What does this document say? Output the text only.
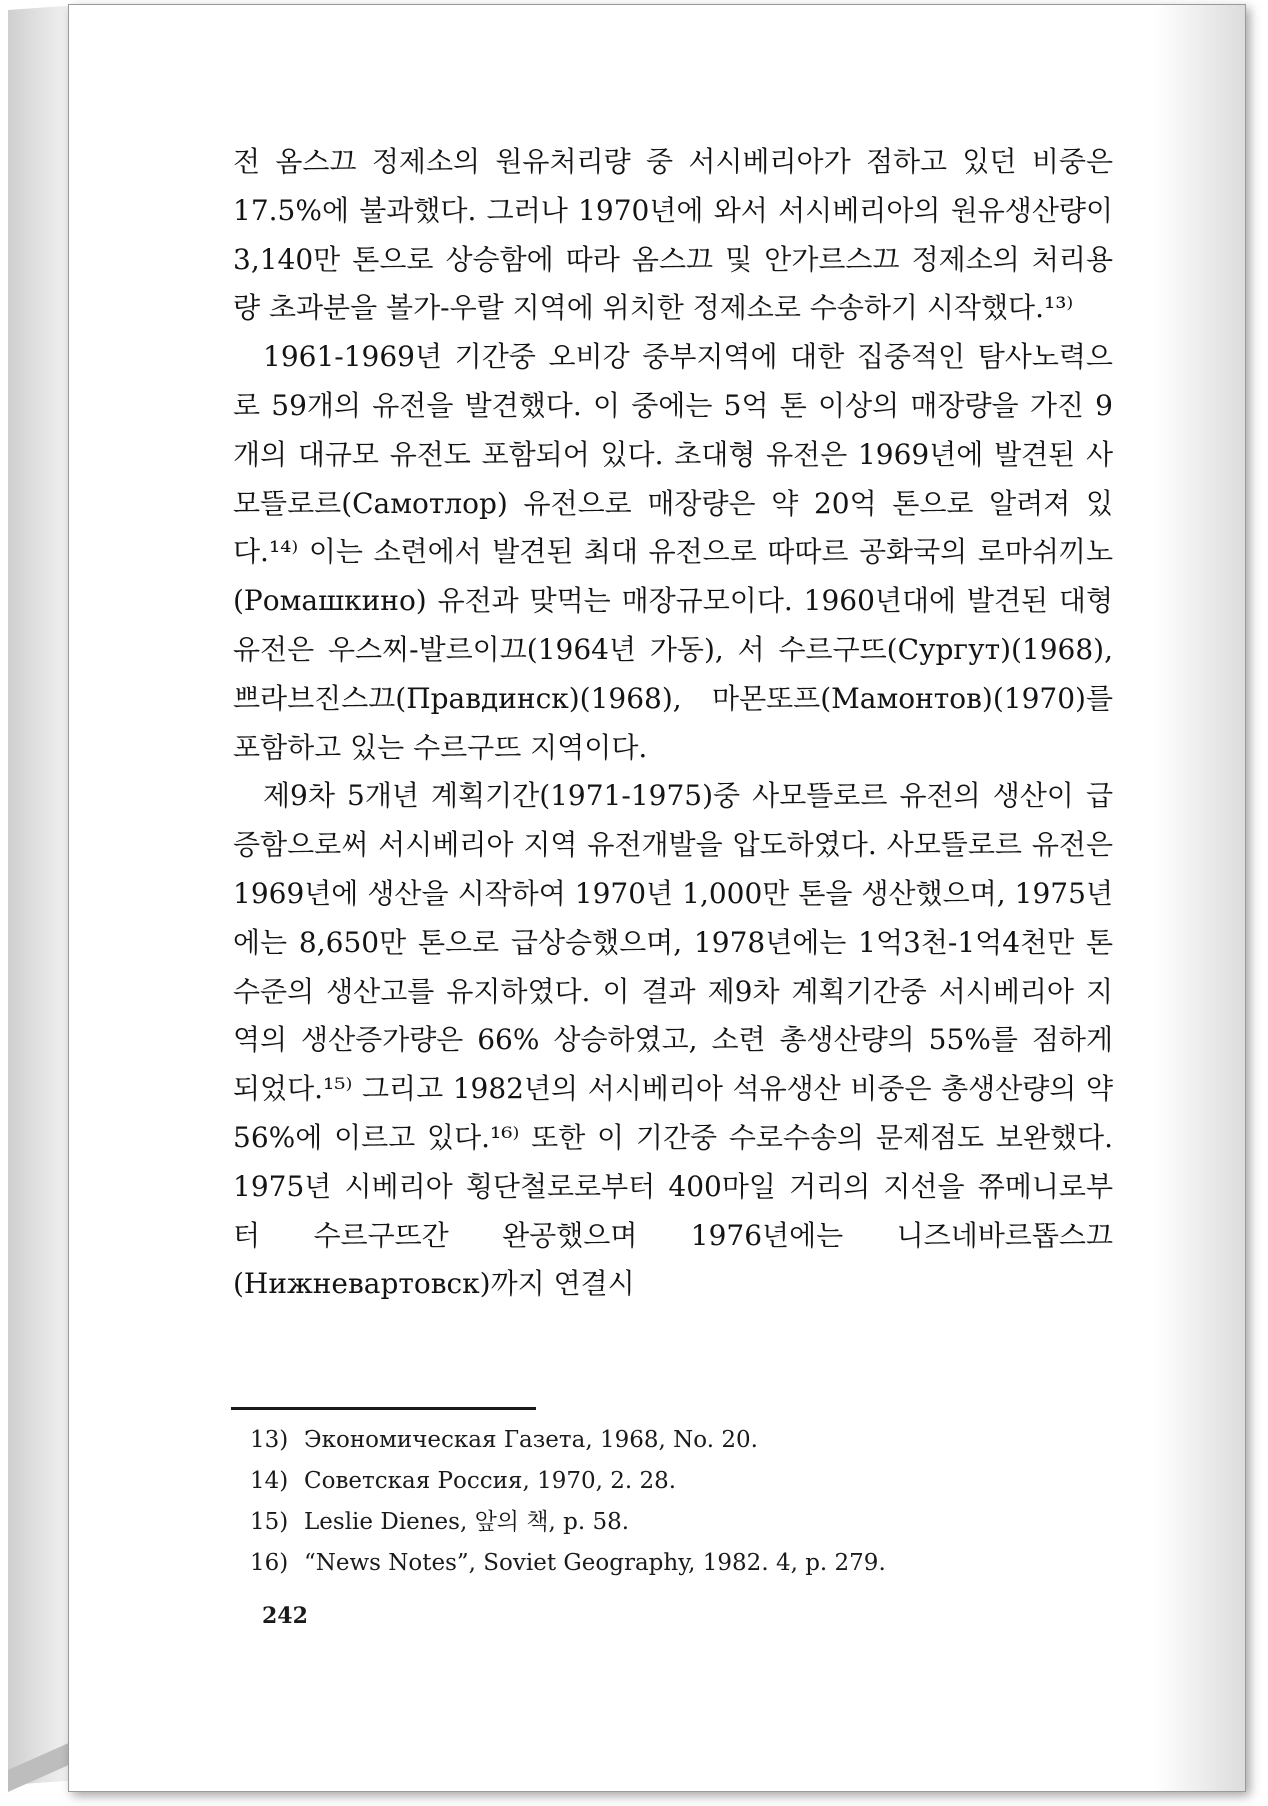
전 옴스끄 정제소의 원유처리량 중 서시베리아가 점하고 있던 비중은 17.5%에 불과했다. 그러나 1970년에 와서 서시베리아의 원유생산량이 3,140만 톤으로 상승함에 따라 옴스끄 및 안가르스끄 정제소의 처리용량 초과분을 볼가-우랄 지역에 위치한 정제소로 수송하기 시작했다.¹³⁾

1961-1969년 기간중 오비강 중부지역에 대한 집중적인 탐사노력으로 59개의 유전을 발견했다. 이 중에는 5억 톤 이상의 매장량을 가진 9개의 대규모 유전도 포함되어 있다. 초대형 유전은 1969년에 발견된 사모뜰로르(Самотлор) 유전으로 매장량은 약 20억 톤으로 알려져 있다.¹⁴⁾ 이는 소련에서 발견된 최대 유전으로 따따르 공화국의 로마쉬끼노(Ромашкино) 유전과 맞먹는 매장규모이다. 1960년대에 발견된 대형유전은 우스찌-발르이끄(1964년 가동), 서 수르구뜨(Сургут)(1968), 쁘라브진스끄(Правдинск)(1968), 마몬또프(Мамонтов)(1970)를 포함하고 있는 수르구뜨 지역이다.

제9차 5개년 계획기간(1971-1975)중 사모뜰로르 유전의 생산이 급증함으로써 서시베리아 지역 유전개발을 압도하였다. 사모뜰로르 유전은 1969년에 생산을 시작하여 1970년 1,000만 톤을 생산했으며, 1975년에는 8,650만 톤으로 급상승했으며, 1978년에는 1억3천-1억4천만 톤 수준의 생산고를 유지하였다. 이 결과 제9차 계획기간중 서시베리아 지역의 생산증가량은 66% 상승하였고, 소련 총생산량의 55%를 점하게 되었다.¹⁵⁾ 그리고 1982년의 서시베리아 석유생산 비중은 총생산량의 약 56%에 이르고 있다.¹⁶⁾ 또한 이 기간중 수로수송의 문제점도 보완했다. 1975년 시베리아 횡단철로로부터 400마일 거리의 지선을 쮸메니로부터 수르구뜨간 완공했으며 1976년에는 니즈네바르똡스끄(Нижневартовск)까지 연결시

13) Экономическая Газета, 1968, No. 20.
14) Советская Россия, 1970, 2. 28.
15) Leslie Dienes, 앞의 책, p. 58.
16) “News Notes”, Soviet Geography, 1982. 4, p. 279.
242
